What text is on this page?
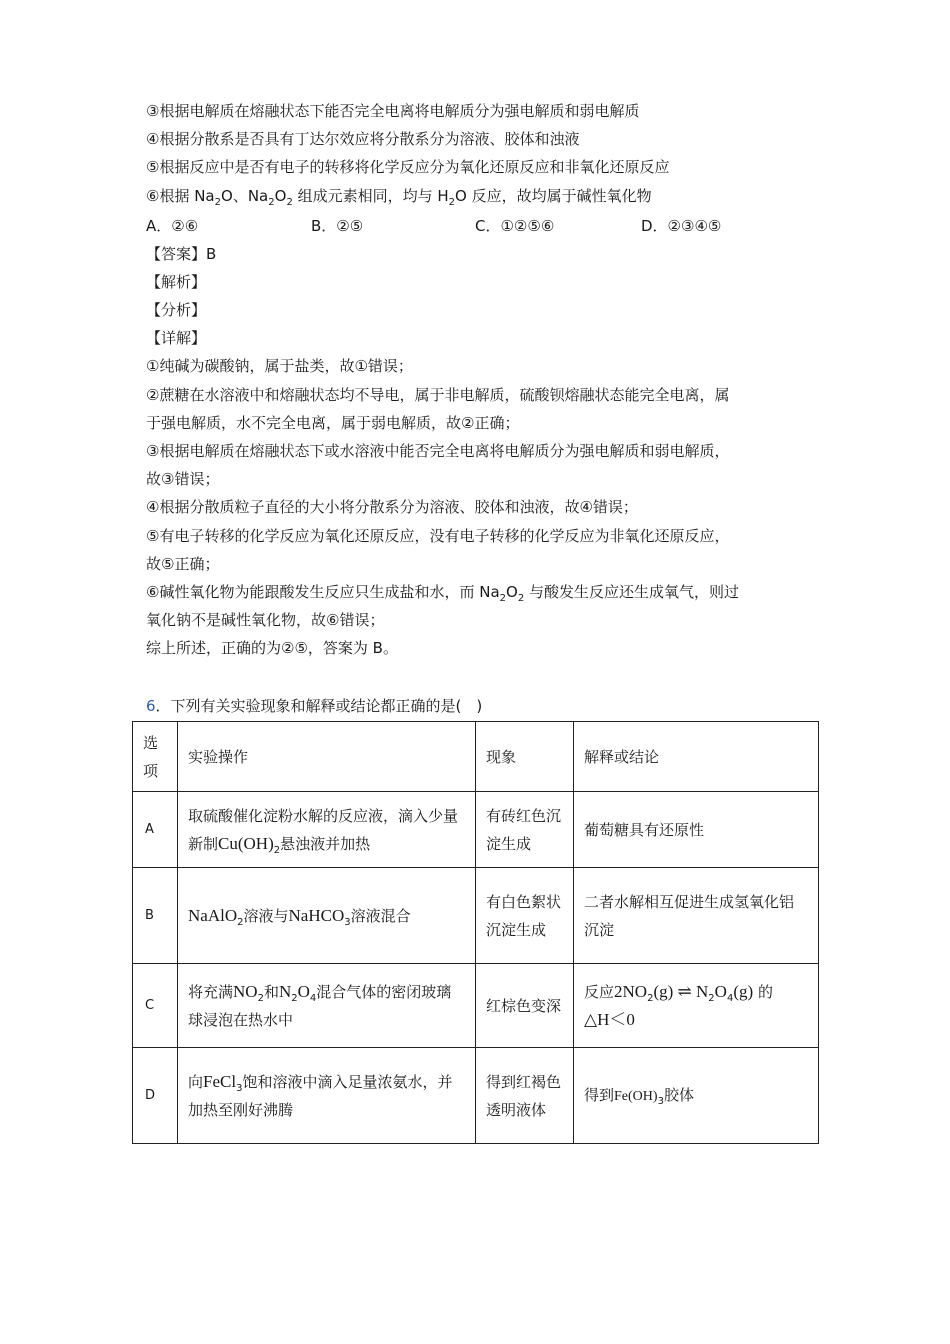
③根据电解质在熔融状态下能否完全电离将电解质分为强电解质和弱电解质
④根据分散系是否具有丁达尔效应将分散系分为溶液、胶体和浊液
⑤根据反应中是否有电子的转移将化学反应分为氧化还原反应和非氧化还原反应
⑥根据 $Na_2O$、$Na_2O_2$ 组成元素相同，均与 $H_2O$ 反应，故均属于碱性氧化物
A．②⑥	B．②⑤	C．①②⑤⑥	D．②③④⑤
【答案】B
【解析】
【分析】
【详解】
①纯碱为碳酸钠，属于盐类，故①错误；
②蔗糖在水溶液中和熔融状态均不导电，属于非电解质，硫酸钡熔融状态能完全电离，属
于强电解质，水不完全电离，属于弱电解质，故②正确；
③根据电解质在熔融状态下或水溶液中能否完全电离将电解质分为强电解质和弱电解质，
故③错误；
④根据分散质粒子直径的大小将分散系分为溶液、胶体和浊液，故④错误；
⑤有电子转移的化学反应为氧化还原反应，没有电子转移的化学反应为非氧化还原反应，
故⑤正确；
⑥碱性氧化物为能跟酸发生反应只生成盐和水，而 $Na_2O_2$ 与酸发生反应还生成氧气，则过
氧化钠不是碱性氧化物，故⑥错误；
综上所述，正确的为②⑤，答案为 B。
6．下列有关实验现象和解释或结论都正确的是(　)
选项	实验操作	现象	解释或结论
A	取硫酸催化淀粉水解的反应液，滴入少量新制$Cu(OH)_2$悬浊液并加热	有砖红色沉淀生成	葡萄糖具有还原性
B	NaAlO$_2$溶液与NaHCO$_3$溶液混合	有白色絮状沉淀生成	二者水解相互促进生成氢氧化铝沉淀
C	将充满$NO_2$和$N_2O_4$混合气体的密闭玻璃球浸泡在热水中	红棕色变深	反应$2NO_2(g)$ ⇌ $N_2O_4(g)$ 的
△H＜0
D	向FeCl$_3$饱和溶液中滴入足量浓氨水，并加热至刚好沸腾	得到红褐色透明液体	得到$Fe(OH)_3$胶体
